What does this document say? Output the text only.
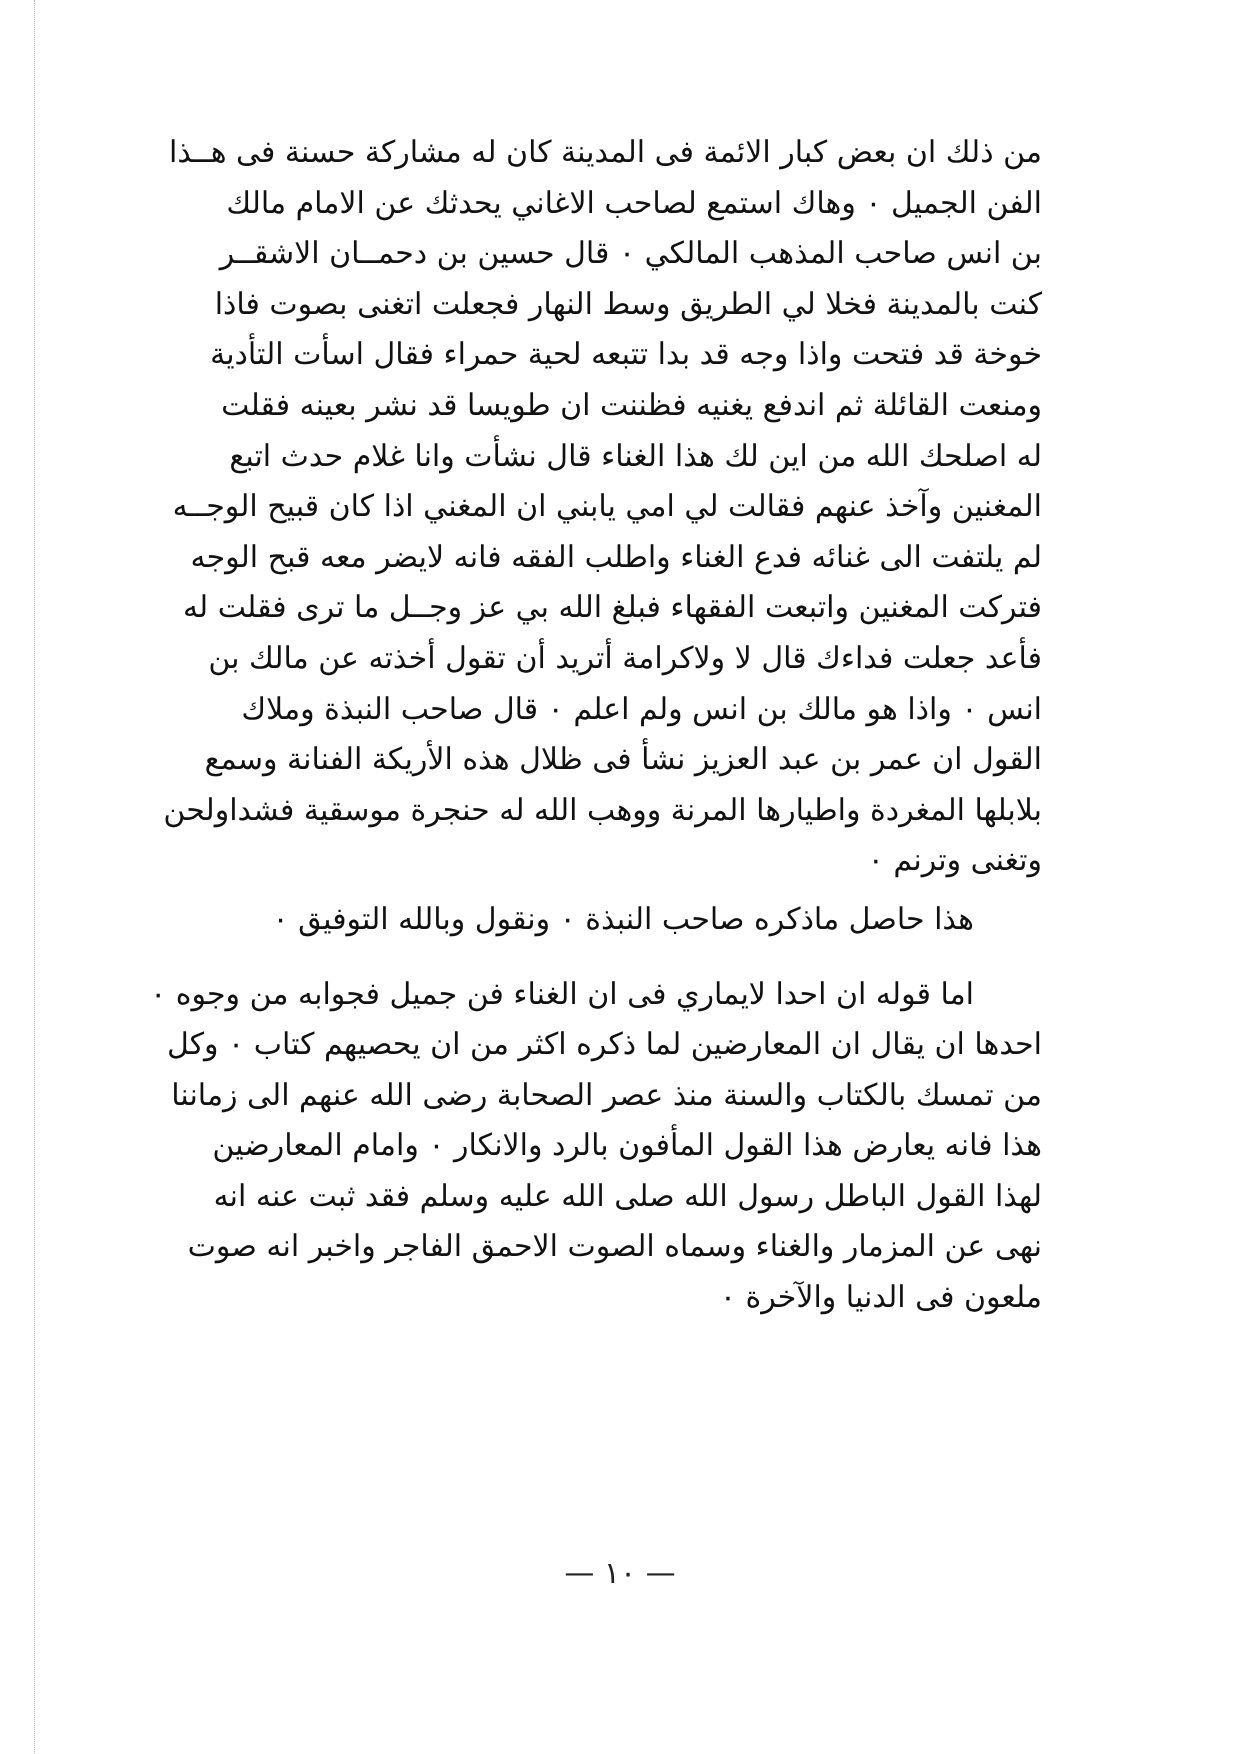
من ذلك ان بعض كبار الائمة فى المدينة كان له مشاركة حسنة فى هــذا
الفن الجميل ٠ وهاك استمع لصاحب الاغاني يحدثك عن الامام مالك
بن انس صاحب المذهب المالكي ٠ قال حسين بن دحمــان الاشقــر
كنت بالمدينة فخلا لي الطريق وسط النهار فجعلت اتغنى بصوت فاذا
خوخة قد فتحت واذا وجه قد بدا تتبعه لحية حمراء فقال اسأت التأدية
ومنعت القائلة ثم اندفع يغنيه فظننت ان طويسا قد نشر بعينه فقلت
له اصلحك الله من اين لك هذا الغناء قال نشأت وانا غلام حدث اتبع
المغنين وآخذ عنهم فقالت لي امي يابني ان المغني اذا كان قبيح الوجــه
لم يلتفت الى غنائه فدع الغناء واطلب الفقه فانه لايضر معه قبح الوجه
فتركت المغنين واتبعت الفقهاء فبلغ الله بي عز وجــل ما ترى فقلت له
فأعد جعلت فداءك قال لا ولاكرامة أتريد أن تقول أخذته عن مالك بن
انس ٠ واذا هو مالك بن انس ولم اعلم ٠ قال صاحب النبذة وملاك
القول ان عمر بن عبد العزيز نشأ فى ظلال هذه الأريكة الفنانة وسمع
بلابلها المغردة واطيارها المرنة ووهب الله له حنجرة موسقية فشداولحن
وتغنى وترنم ٠
هذا حاصل ماذكره صاحب النبذة ٠ ونقول وبالله التوفيق ٠
اما قوله ان احدا لايماري فى ان الغناء فن جميل فجوابه من وجوه ٠
احدها ان يقال ان المعارضين لما ذكره اكثر من ان يحصيهم كتاب ٠ وكل
من تمسك بالكتاب والسنة منذ عصر الصحابة رضى الله عنهم الى زماننا
هذا فانه يعارض هذا القول المأفون بالرد والانكار ٠ وامام المعارضين
لهذا القول الباطل رسول الله صلى الله عليه وسلم فقد ثبت عنه انه
نهى عن المزمار والغناء وسماه الصوت الاحمق الفاجر واخبر انه صوت
ملعون فى الدنيا والآخرة ٠
— ١٠ —
